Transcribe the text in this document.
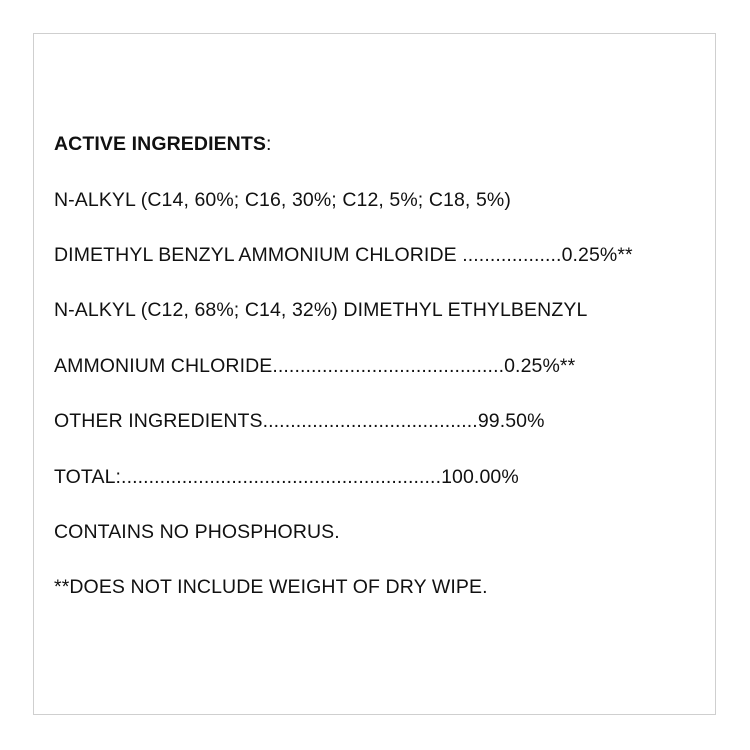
ACTIVE INGREDIENTS:
N-ALKYL (C14, 60%; C16, 30%; C12, 5%; C18, 5%)
DIMETHYL BENZYL AMMONIUM CHLORIDE ..................0.25%**
N-ALKYL (C12, 68%; C14, 32%) DIMETHYL ETHYLBENZYL
AMMONIUM CHLORIDE..........................................0.25%**
OTHER INGREDIENTS.......................................99.50%
TOTAL:..........................................................100.00%
CONTAINS NO PHOSPHORUS.
**DOES NOT INCLUDE WEIGHT OF DRY WIPE.
